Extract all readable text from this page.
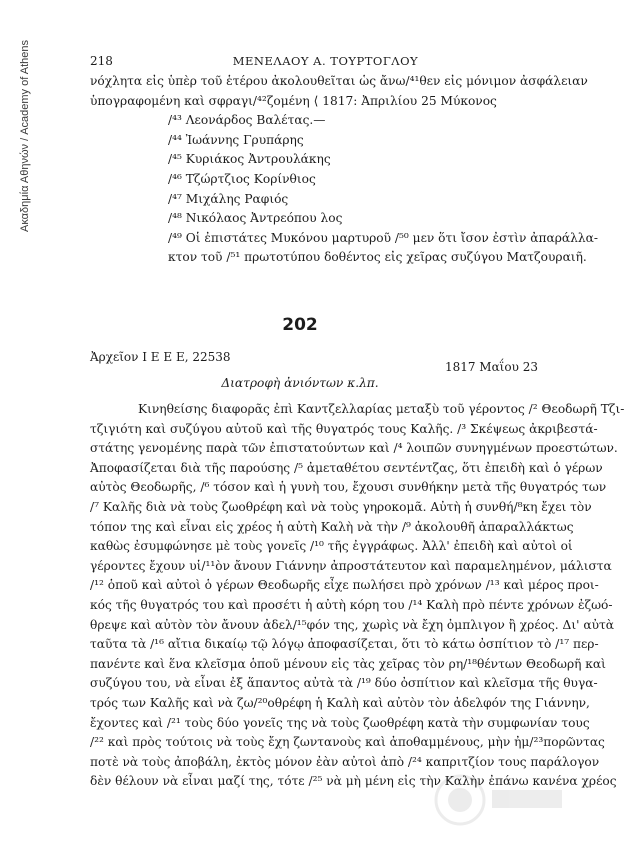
Ακαδημία Αθηνών / Academy of Athens	218	ΜΕΝΕΛΑΟΥ Α. ΤΟΥΡΤΟΓΛΟΥ
νόχλητα εἰς ὑπὲρ τοῦ ἑτέρου ἀκολουθεῖται ὡς ἄνω/⁴¹θεν εἰς μόνιμον ἀσφάλειαν
ὑπογραφομένη καὶ σφραγι/⁴²ζομένη ⟨ 1817: Ἀπριλίου 25 Μύκονος
/⁴³ Λεονάρδος Βαλέτας.—
/⁴⁴ Ἰωάννης Γρυπάρης
/⁴⁵ Κυριάκος Ἀντρουλάκης
/⁴⁶ Τζώρτζιος Κορίνθιος
/⁴⁷ Μιχάλης Ραφιός
/⁴⁸ Νικόλαος Ἀντρεόπου λος
/⁴⁹ Οἱ ἐπιστάτες Μυκόνου μαρτυροῦ /⁵⁰ μεν ὅτι ἴσον ἐστὶν ἀπαράλλα-
κτον τοῦ /⁵¹ πρωτοτύπου δοθέντος εἰς χεῖρας συζύγου Ματζουραιῆ.
202
Ἀρχεῖον Ι Ε Ε Ε, 22538
1817 Μαΐου 23
Διατροφὴ ἀνιόντων κ.λπ.
Κινηθείσης διαφορᾶς ἐπὶ Καντζελλαρίας μεταξὺ τοῦ γέροντος /² Θεοδωρῆ Τζι-
τζιγιότη καὶ συζύγου αὐτοῦ καὶ τῆς θυγατρός τους Καλῆς. /³ Σκέψεως ἀκριβεστά-
στάτης γενομένης παρὰ τῶν ἐπιστατούντων καὶ /⁴ λοιπῶν συνηγμένων προεστώτων.
Ἀποφασίζεται διὰ τῆς παρούσης /⁵ ἀμεταθέτου σεντέντζας, ὅτι ἐπειδὴ καὶ ὁ γέρων
αὐτὸς Θεοδωρῆς, /⁶ τόσον καὶ ἡ γυνὴ του, ἔχουσι συνθήκην μετὰ τῆς θυγατρός των
/⁷ Καλῆς διὰ νὰ τοὺς ζωοθρέφη καὶ νὰ τοὺς γηροκομᾶ. Αὐτὴ ἡ συνθή/⁸κη ἔχει τὸν
τόπον της καὶ εἶναι εἰς χρέος ἡ αὐτὴ Καλὴ νὰ τὴν /⁹ ἀκολουθῆ ἀπαραλλάκτως
καθὼς ἐσυμφώνησε μὲ τοὺς γονεῖς /¹⁰ τῆς ἐγγράφως. Ἀλλ' ἐπειδὴ καὶ αὐτοὶ οἱ
γέροντες ἔχουν υἱ/¹¹ὸν ἄνουν Γιάννην ἀπροστάτευτον καὶ παραμελημένον, μάλιστα
/¹² ὁποῦ καὶ αὐτοὶ ὁ γέρων Θεοδωρῆς εἶχε πωλήσει πρὸ χρόνων /¹³ καὶ μέρος προι-
κός τῆς θυγατρός του καὶ προσέτι ἡ αὐτὴ κόρη του /¹⁴ Καλὴ πρὸ πέντε χρόνων ἐζωό-
θρεψε καὶ αὐτὸν τὸν ἄνουν ἀδελ/¹⁵φόν της, χωρὶς νὰ ἔχη ὀμπλιγον ἢ χρέος. Δι' αὐτὰ
ταῦτα τὰ /¹⁶ αἴτια δικαίῳ τῷ λόγῳ ἀποφασίζεται, ὅτι τὸ κάτω ὀσπίτιον τὸ /¹⁷ περ-
πανέντε καὶ ἕνα κλεῖσμα ὁποῦ μένουν εἰς τὰς χεῖρας τὸν ρη/¹⁸θέντων Θεοδωρῆ καὶ
συζύγου του, νὰ εἶναι ἐξ ἅπαντος αὐτὰ τὰ /¹⁹ δύο ὀσπίτιον καὶ κλεῖσμα τῆς θυγα-
τρός των Καλῆς καὶ νὰ ζω/²⁰οθρέφη ἡ Καλὴ καὶ αὐτὸν τὸν ἀδελφόν της Γιάννην,
ἔχοντες καὶ /²¹ τοὺς δύο γονεῖς της νὰ τοὺς ζωοθρέφη κατὰ τὴν συμφωνίαν τους
/²² καὶ πρὸς τούτοις νὰ τοὺς ἔχη ζωντανοὺς καὶ ἀποθαμμένους, μὴν ἠμ/²³πορῶντας
ποτὲ νὰ τοὺς ἀποβάλη, ἐκτὸς μόνον ἐὰν αὐτοὶ ἀπὸ /²⁴ καπριτζίον τους παράλογον
δὲν θέλουν νὰ εἶναι μαζί της, τότε /²⁵ νὰ μὴ μένη εἰς τὴν Καλὴν ἐπάνω κανένα χρέος
